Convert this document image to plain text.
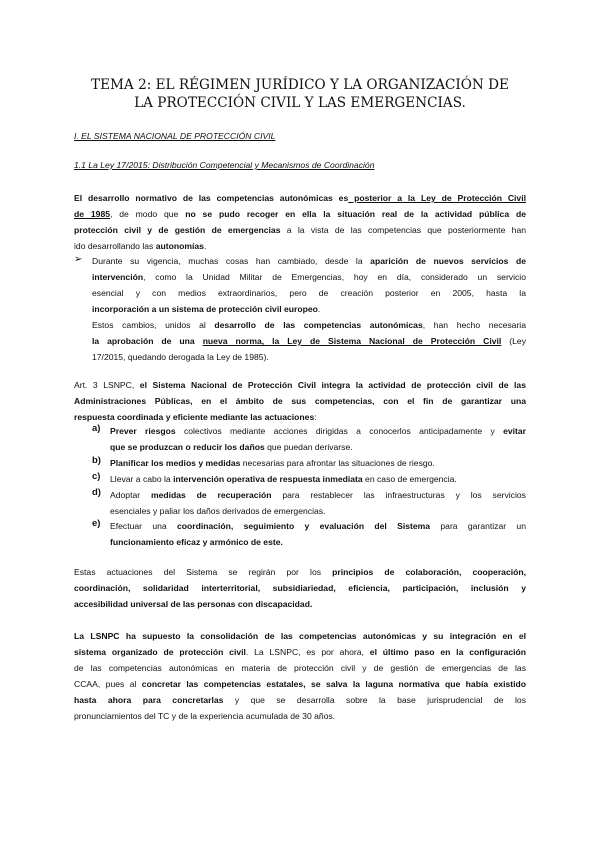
TEMA 2: EL RÉGIMEN JURÍDICO Y LA ORGANIZACIÓN DE
LA PROTECCIÓN CIVIL Y LAS EMERGENCIAS.
I. EL SISTEMA NACIONAL DE PROTECCIÓN CIVIL
1.1 La Ley 17/2015: Distribución Competencial y Mecanismos de Coordinación
El desarrollo normativo de las competencias autonómicas es posterior a la Ley de Protección Civil
de 1985, de modo que no se pudo recoger en ella la situación real de la actividad pública de
protección civil y de gestión de emergencias a la vista de las competencias que posteriormente han
ido desarrollando las autonomías.
➢ Durante su vigencia, muchas cosas han cambiado, desde la aparición de nuevos servicios de
intervención, como la Unidad Militar de Emergencias, hoy en día, considerado un servicio
esencial y con medios extraordinarios, pero de creación posterior en 2005, hasta la
incorporación a un sistema de protección civil europeo.
Estos cambios, unidos al desarrollo de las competencias autonómicas, han hecho necesaria
la aprobación de una nueva norma, la Ley de Sistema Nacional de Protección Civil (Ley
17/2015, quedando derogada la Ley de 1985).
Art. 3 LSNPC, el Sistema Nacional de Protección Civil integra la actividad de protección civil de las
Administraciones Públicas, en el ámbito de sus competencias, con el fin de garantizar una
respuesta coordinada y eficiente mediante las actuaciones:
a) Prever riesgos colectivos mediante acciones dirigidas a conocerlos anticipadamente y evitar
que se produzcan o reducir los daños que puedan derivarse.
b) Planificar los medios y medidas necesarias para afrontar las situaciones de riesgo.
c) Llevar a cabo la intervención operativa de respuesta inmediata en caso de emergencia.
d) Adoptar medidas de recuperación para restablecer las infraestructuras y los servicios
esenciales y paliar los daños derivados de emergencias.
e) Efectuar una coordinación, seguimiento y evaluación del Sistema para garantizar un
funcionamiento eficaz y armónico de este.
Estas actuaciones del Sistema se regirán por los principios de colaboración, cooperación,
coordinación, solidaridad interterritorial, subsidiariedad, eficiencia, participación, inclusión y
accesibilidad universal de las personas con discapacidad.
La LSNPC ha supuesto la consolidación de las competencias autonómicas y su integración en el
sistema organizado de protección civil. La LSNPC, es por ahora, el último paso en la configuración
de las competencias autonómicas en materia de protección civil y de gestión de emergencias de las
CCAA, pues al concretar las competencias estatales, se salva la laguna normativa que había existido
hasta ahora para concretarlas y que se desarrolla sobre la base jurisprudencial de los
pronunciamientos del TC y de la experiencia acumulada de 30 años.
